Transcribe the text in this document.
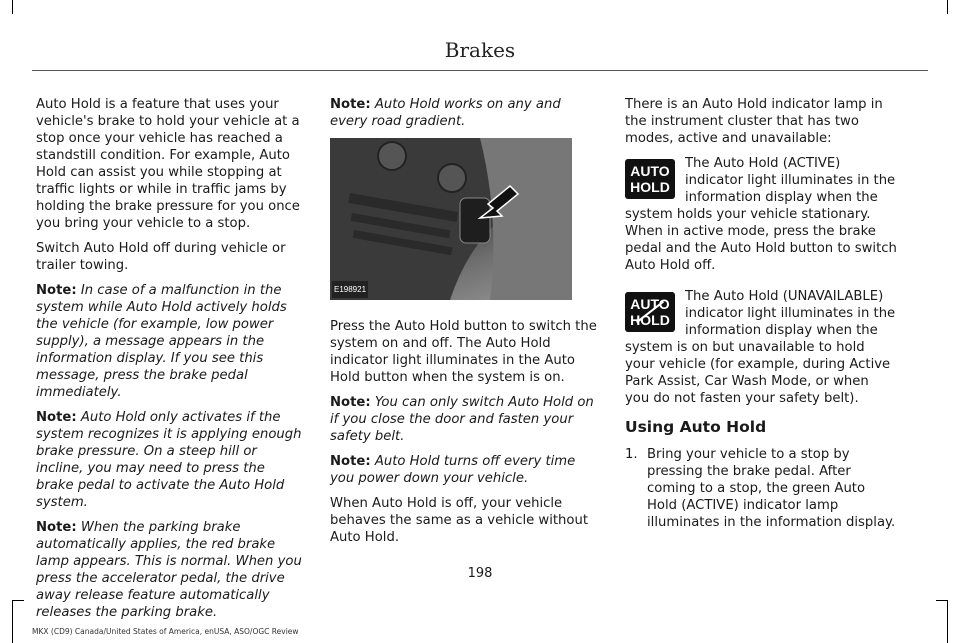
Brakes

Auto Hold is a feature that uses your vehicle's brake to hold your vehicle at a stop once your vehicle has reached a standstill condition. For example, Auto Hold can assist you while stopping at traffic lights or while in traffic jams by holding the brake pressure for you once you bring your vehicle to a stop.

Switch Auto Hold off during vehicle or trailer towing.

Note: In case of a malfunction in the system while Auto Hold actively holds the vehicle (for example, low power supply), a message appears in the information display. If you see this message, press the brake pedal immediately.

Note: Auto Hold only activates if the system recognizes it is applying enough brake pressure. On a steep hill or incline, you may need to press the brake pedal to activate the Auto Hold system.

Note: When the parking brake automatically applies, the red brake lamp appears. This is normal. When you press the accelerator pedal, the drive away release feature automatically releases the parking brake.

Note: Auto Hold works on any and every road gradient.

E198921

Press the Auto Hold button to switch the system on and off. The Auto Hold indicator light illuminates in the Auto Hold button when the system is on.

Note: You can only switch Auto Hold on if you close the door and fasten your safety belt.

Note: Auto Hold turns off every time you power down your vehicle.

When Auto Hold is off, your vehicle behaves the same as a vehicle without Auto Hold.

There is an Auto Hold indicator lamp in the instrument cluster that has two modes, active and unavailable:

AUTO
HOLD
The Auto Hold (ACTIVE) indicator light illuminates in the information display when the system holds your vehicle stationary. When in active mode, press the brake pedal and the Auto Hold button to switch Auto Hold off.
AUTO
HOLD
The Auto Hold (UNAVAILABLE) indicator light illuminates in the information display when the system is on but unavailable to hold your vehicle (for example, during Active Park Assist, Car Wash Mode, or when you do not fasten your safety belt).

Using Auto Hold

1. Bring your vehicle to a stop by pressing the brake pedal. After coming to a stop, the green Auto Hold (ACTIVE) indicator lamp illuminates in the information display.

198
MKX (CD9) Canada/United States of America, enUSA, ASO/OGC Review
